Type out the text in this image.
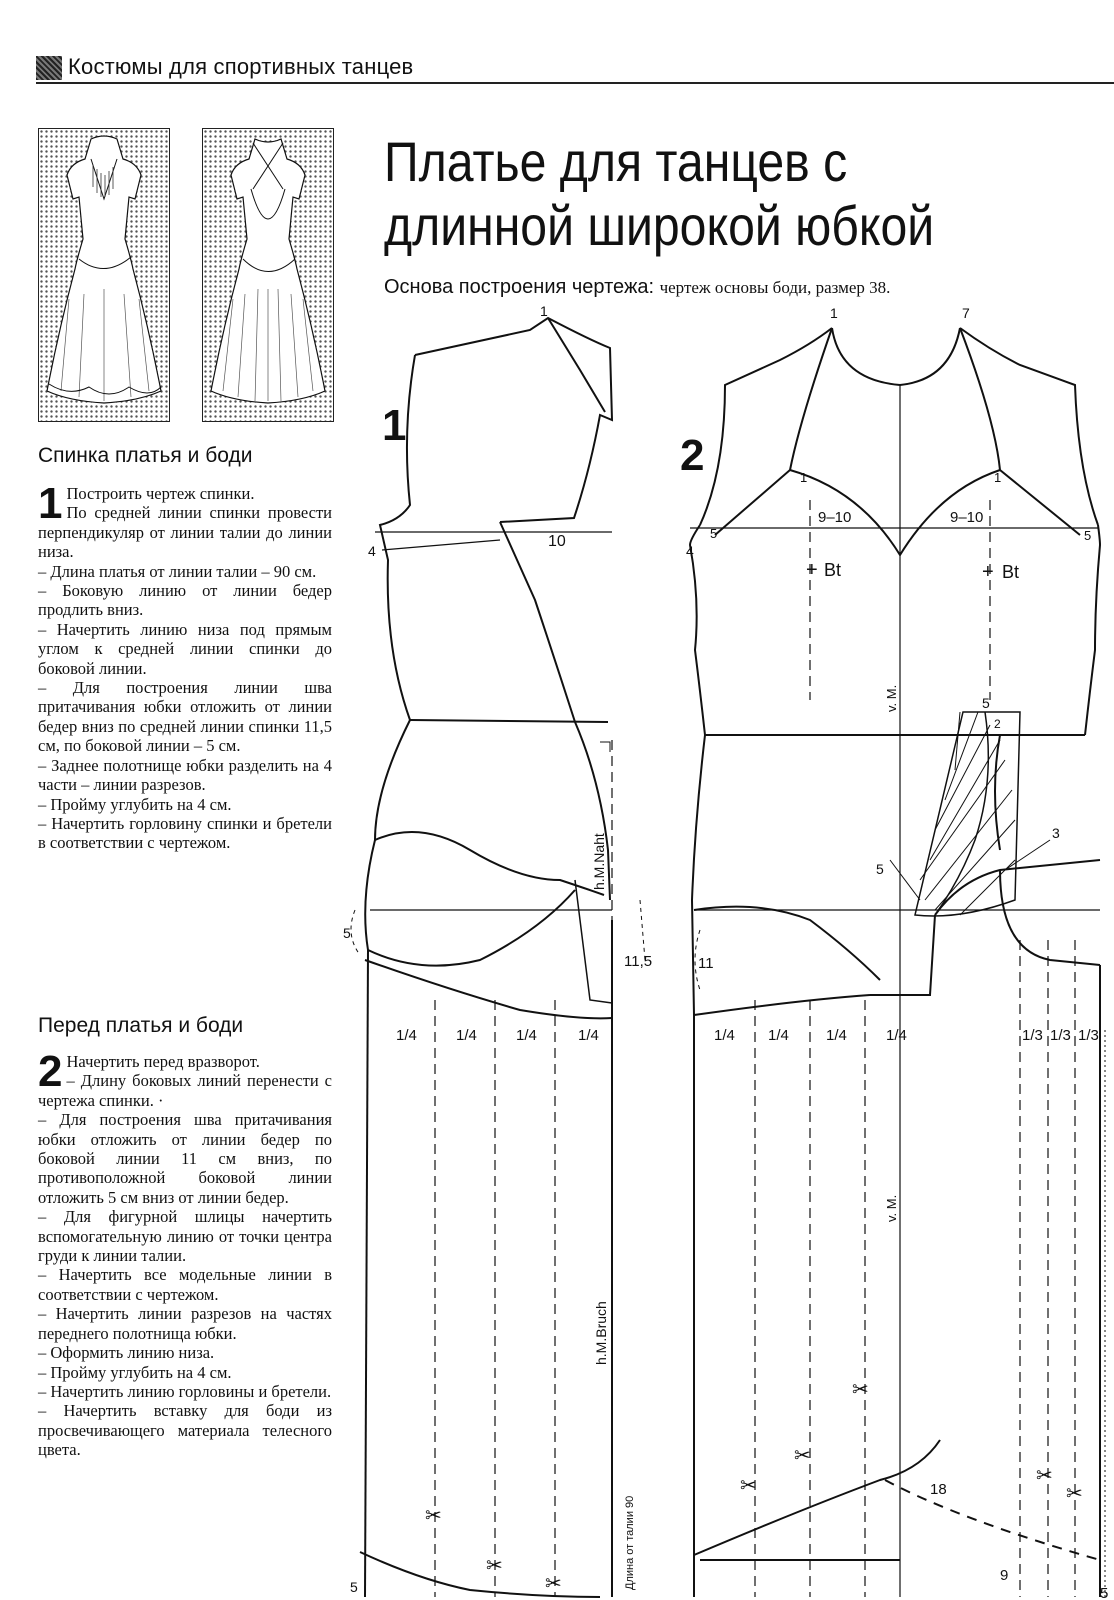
Костюмы для спортивных танцев
Платье для танцев с
длинной широкой юбкой
Основа построения чертежа: чертеж основы боди, размер 38.
Спинка платья и боди
1 Построить чертеж спинки.

По средней линии спинки провести перпендикуляр от линии талии до линии низа.

– Длина платья от линии талии – 90 см.

– Боковую линию от линии бедер продлить вниз.

– Начертить линию низа под прямым углом к средней линии спинки до боковой линии.

– Для построения линии шва притачивания юбки отложить от линии бедер вниз по средней линии спинки 11,5 см, по боковой линии – 5 см.

– Заднее полотнище юбки разделить на 4 части – линии разрезов.

– Пройму углубить на 4 см.

– Начертить горловину спинки и бретели в соответствии с чертежом.

Перед платья и боди
2 Начертить перед вразворот.

– Длину боковых линий перенести с чертежа спинки. ·

– Для построения шва притачивания юбки отложить от линии бедер по боковой линии 11 см вниз, по противоположной боковой линии отложить 5 см вниз от линии бедер.

– Для фигурной шлицы начертить вспомогательную линию от точки центра груди к линии талии.

– Начертить все модельные линии в соответствии с чертежом.

– Начертить линии разрезов на частях переднего полотнища юбки.

– Оформить линию низа.

– Пройму углубить на 4 см.

– Начертить линию горловины и бретели.

– Начертить вставку для боди из просвечивающего материала телесного цвета.

1
1
4
10
5
11,5
h.M.Naht
h.M.Bruch
1/4	1/4	1/4	1/4
5	Длина от талии 90
✂
✂
✂
2
1	7
9–10	9–10
1	1
5	5
4
+ Bt	+ Bt
v. M.
v. M.
5
2
3
5
11
1/4 1/4 1/4	1/4	1/3 1/3 1/3
18
9
5
✂
✂
✂
✂
✂
